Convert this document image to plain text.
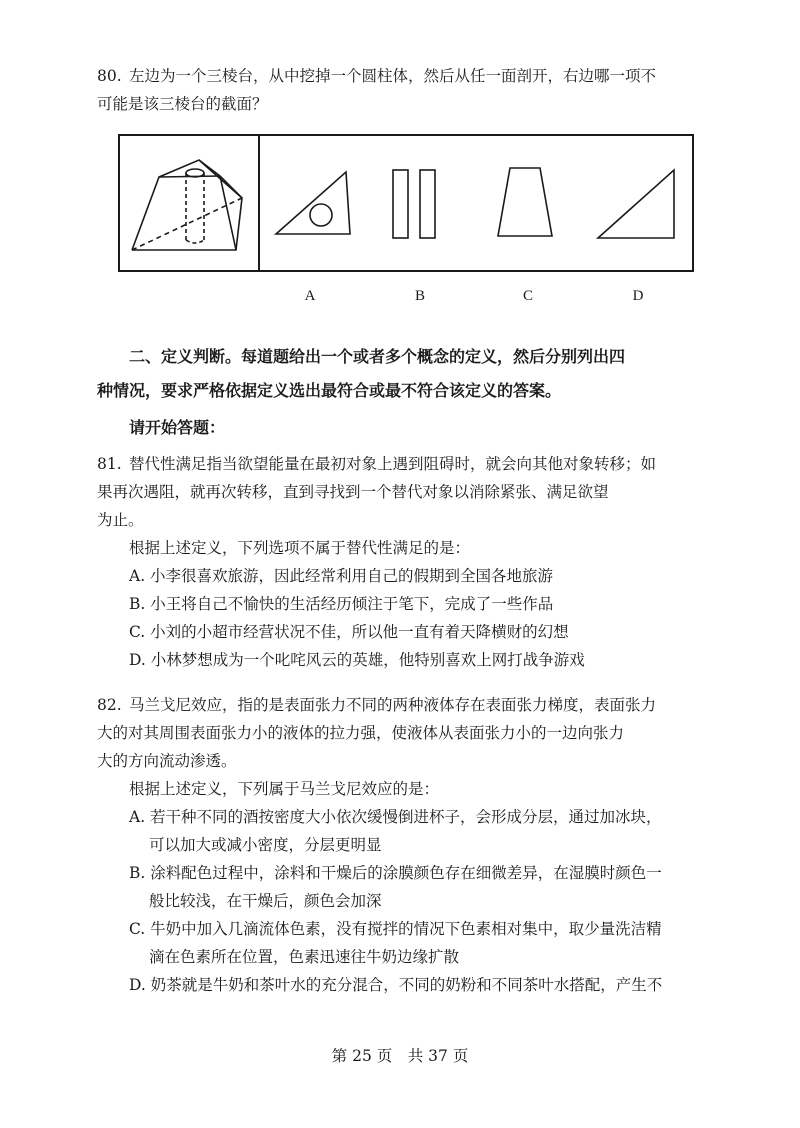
80. 左边为一个三棱台，从中挖掉一个圆柱体，然后从任一面剖开，右边哪一项不
可能是该三棱台的截面？
A	B	C	D
二、定义判断。每道题给出一个或者多个概念的定义，然后分别列出四
种情况，要求严格依据定义选出最符合或最不符合该定义的答案。
请开始答题：
81. 替代性满足指当欲望能量在最初对象上遇到阻碍时，就会向其他对象转移；如
果再次遇阻，就再次转移，直到寻找到一个替代对象以消除紧张、满足欲望
为止。
根据上述定义，下列选项不属于替代性满足的是：
A. 小李很喜欢旅游，因此经常利用自己的假期到全国各地旅游
B. 小王将自己不愉快的生活经历倾注于笔下，完成了一些作品
C. 小刘的小超市经营状况不佳，所以他一直有着天降横财的幻想
D. 小林梦想成为一个叱咤风云的英雄，他特别喜欢上网打战争游戏
82. 马兰戈尼效应，指的是表面张力不同的两种液体存在表面张力梯度，表面张力
大的对其周围表面张力小的液体的拉力强，使液体从表面张力小的一边向张力
大的方向流动渗透。
根据上述定义，下列属于马兰戈尼效应的是：
A. 若干种不同的酒按密度大小依次缓慢倒进杯子，会形成分层，通过加冰块，
可以加大或减小密度，分层更明显
B. 涂料配色过程中，涂料和干燥后的涂膜颜色存在细微差异，在湿膜时颜色一
般比较浅，在干燥后，颜色会加深
C. 牛奶中加入几滴流体色素，没有搅拌的情况下色素相对集中，取少量洗洁精
滴在色素所在位置，色素迅速往牛奶边缘扩散
D. 奶茶就是牛奶和茶叶水的充分混合，不同的奶粉和不同茶叶水搭配，产生不
第 25 页　共 37 页
